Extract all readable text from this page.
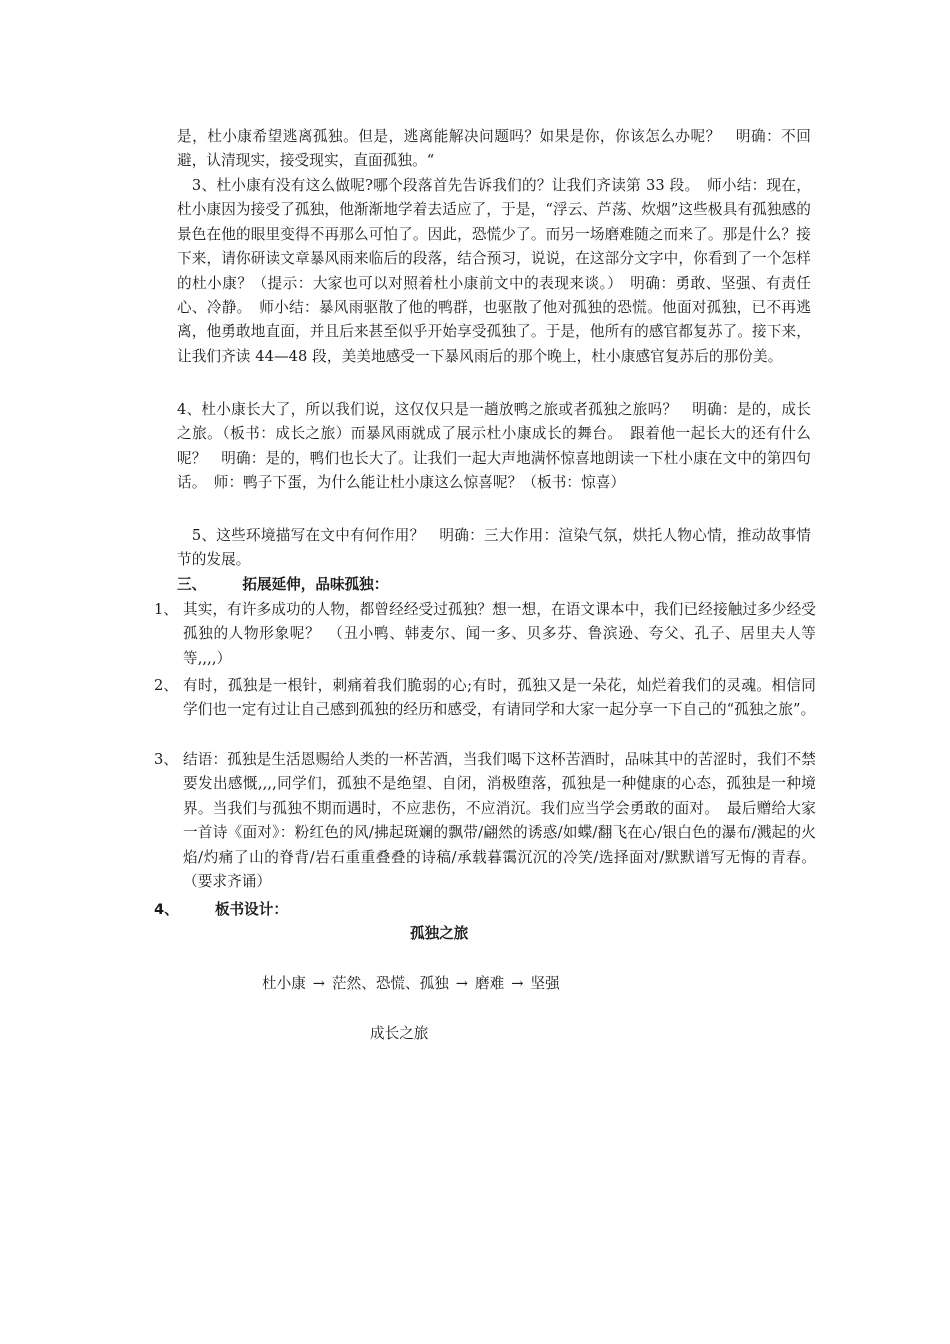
是，杜小康希望逃离孤独。但是，逃离能解决问题吗？如果是你，你该怎么办呢？　明确：不回避，认清现实，接受现实，直面孤独。“

　3、杜小康有没有这么做呢?哪个段落首先告诉我们的？让我们齐读第 33 段。　师小结：现在，杜小康因为接受了孤独，他渐渐地学着去适应了，于是，“浮云、芦荡、炊烟”这些极具有孤独感的景色在他的眼里变得不再那么可怕了。因此，恐慌少了。而另一场磨难随之而来了。那是什么？接下来，请你研读文章暴风雨来临后的段落，结合预习，说说，在这部分文字中，你看到了一个怎样的杜小康？（提示：大家也可以对照着杜小康前文中的表现来谈。）　明确：勇敢、坚强、有责任心、冷静。　师小结：暴风雨驱散了他的鸭群，也驱散了他对孤独的恐慌。他面对孤独，已不再逃离，他勇敢地直面，并且后来甚至似乎开始享受孤独了。于是，他所有的感官都复苏了。接下来，让我们齐读 44—48 段，美美地感受一下暴风雨后的那个晚上，杜小康感官复苏后的那份美。

4、杜小康长大了，所以我们说，这仅仅只是一趟放鸭之旅或者孤独之旅吗？　明确：是的，成长之旅。（板书：成长之旅）而暴风雨就成了展示杜小康成长的舞台。　跟着他一起长大的还有什么呢？　明确：是的，鸭们也长大了。让我们一起大声地满怀惊喜地朗读一下杜小康在文中的第四句话。　师：鸭子下蛋，为什么能让杜小康这么惊喜呢？（板书：惊喜）

　5、这些环境描写在文中有何作用？　明确：三大作用：渲染气氛，烘托人物心情，推动故事情节的发展。

三、 拓展延伸，品味孤独：
1、 其实，有许多成功的人物，都曾经经受过孤独？想一想，在语文课本中，我们已经接触过多少经受孤独的人物形象呢？　（丑小鸭、韩麦尔、闻一多、贝多芬、鲁滨逊、夸父、孔子、居里夫人等等,,,,）
2、 有时，孤独是一根针，刺痛着我们脆弱的心;有时，孤独又是一朵花，灿烂着我们的灵魂。相信同学们也一定有过让自己感到孤独的经历和感受，有请同学和大家一起分享一下自己的“孤独之旅”。
3、 结语：孤独是生活恩赐给人类的一杯苦酒，当我们喝下这杯苦酒时，品味其中的苦涩时，我们不禁要发出感慨,,,,同学们，孤独不是绝望、自闭，消极堕落，孤独是一种健康的心态，孤独是一种境界。当我们与孤独不期而遇时，不应悲伤，不应消沉。我们应当学会勇敢的面对。　最后赠给大家一首诗《面对》：粉红色的风/拂起斑斓的飘带/翩然的诱惑/如蝶/翻飞在心/银白色的瀑布/溅起的火焰/灼痛了山的脊背/岩石重重叠叠的诗稿/承载暮霭沉沉的冷笑/选择面对/默默谱写无悔的青春。（要求齐诵）
4、 板书设计：
孤独之旅
杜小康 → 茫然、恐慌、孤独 → 磨难 → 坚强
成长之旅
